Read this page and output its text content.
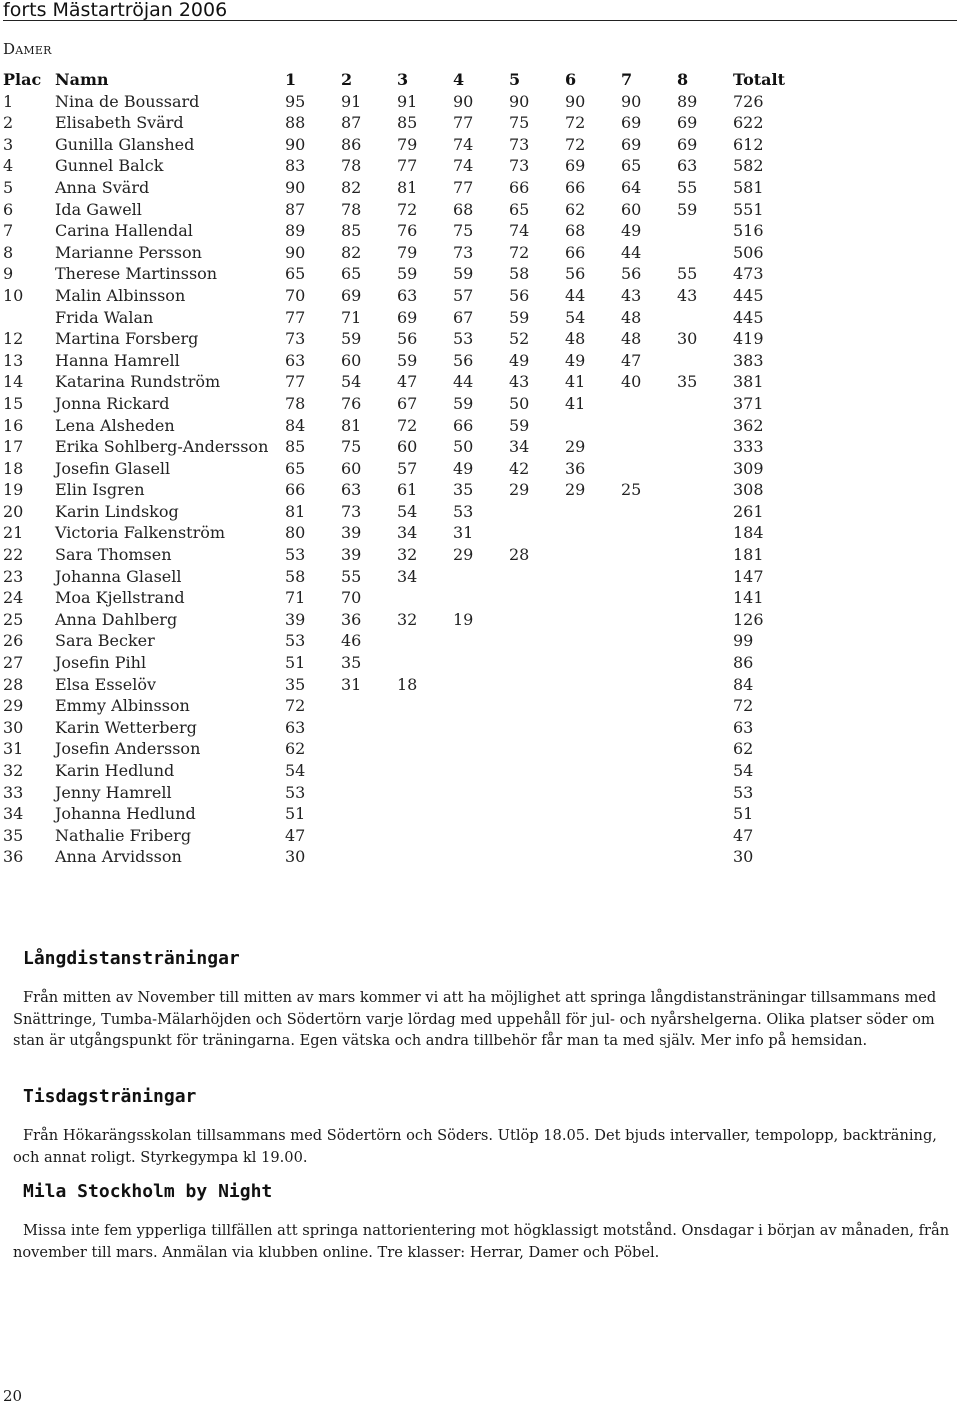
forts Mästartröjan 2006
Damer
Plac	Namn	1	2	3	4	5	6	7	8	Totalt
1	Nina de Boussard	95	91	91	90	90	90	90	89	726
2	Elisabeth Svärd	88	87	85	77	75	72	69	69	622
3	Gunilla Glanshed	90	86	79	74	73	72	69	69	612
4	Gunnel Balck	83	78	77	74	73	69	65	63	582
5	Anna Svärd	90	82	81	77	66	66	64	55	581
6	Ida Gawell	87	78	72	68	65	62	60	59	551
7	Carina Hallendal	89	85	76	75	74	68	49		516
8	Marianne Persson	90	82	79	73	72	66	44		506
9	Therese Martinsson	65	65	59	59	58	56	56	55	473
10	Malin Albinsson	70	69	63	57	56	44	43	43	445
	Frida Walan	77	71	69	67	59	54	48		445
12	Martina Forsberg	73	59	56	53	52	48	48	30	419
13	Hanna Hamrell	63	60	59	56	49	49	47		383
14	Katarina Rundström	77	54	47	44	43	41	40	35	381
15	Jonna Rickard	78	76	67	59	50	41			371
16	Lena Alsheden	84	81	72	66	59				362
17	Erika Sohlberg-Andersson	85	75	60	50	34	29			333
18	Josefin Glasell	65	60	57	49	42	36			309
19	Elin Isgren	66	63	61	35	29	29	25		308
20	Karin Lindskog	81	73	54	53					261
21	Victoria Falkenström	80	39	34	31					184
22	Sara Thomsen	53	39	32	29	28				181
23	Johanna Glasell	58	55	34						147
24	Moa Kjellstrand	71	70							141
25	Anna Dahlberg	39	36	32	19					126
26	Sara Becker	53	46							99
27	Josefin Pihl	51	35							86
28	Elsa Esselöv	35	31	18						84
29	Emmy Albinsson	72								72
30	Karin Wetterberg	63								63
31	Josefin Andersson	62								62
32	Karin Hedlund	54								54
33	Jenny Hamrell	53								53
34	Johanna Hedlund	51								51
35	Nathalie Friberg	47								47
36	Anna Arvidsson	30								30
Långdistansträningar
Från mitten av November till mitten av mars kommer vi att ha möjlighet att springa långdistansträningar tillsammans med Snättringe, Tumba-Mälarhöjden och Södertörn varje lördag med uppehåll för jul- och nyårshelgerna. Olika platser söder om stan är utgångspunkt för träningarna. Egen vätska och andra tillbehör får man ta med själv. Mer info på hemsidan.
Tisdagsträningar
Från Hökarängsskolan tillsammans med Södertörn och Söders. Utlöp 18.05. Det bjuds intervaller, tempolopp, backträning, och annat roligt. Styrkegympa kl 19.00.
Mila Stockholm by Night
Missa inte fem ypperliga tillfällen att springa nattorientering mot högklassigt motstånd. Onsdagar i början av månaden, från november till mars. Anmälan via klubben online. Tre klasser: Herrar, Damer och Pöbel.
20
